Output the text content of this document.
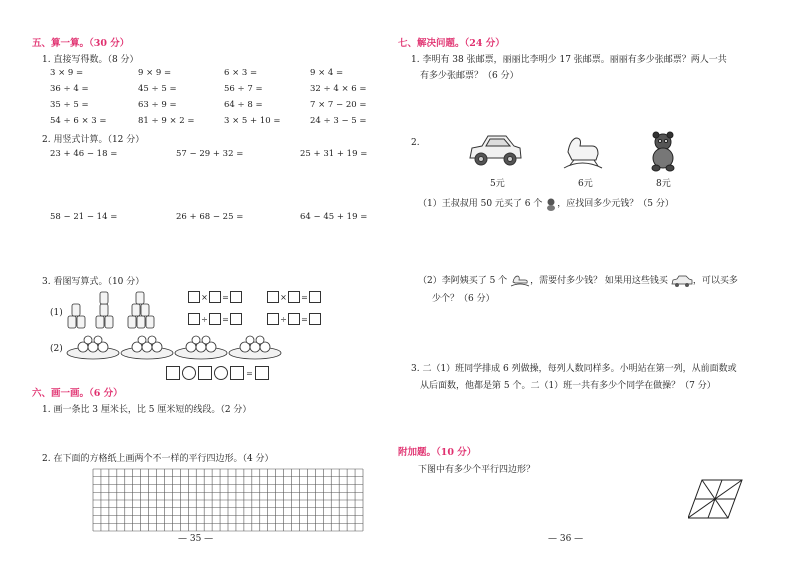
五、算一算。（30 分）
1. 直接写得数。（8 分）
3 × 9 =	9 × 9 =	6 × 3 =	9 × 4 =
36 ÷ 4 =	45 ÷ 5 =	56 ÷ 7 =	32 ÷ 4 × 6 =
35 ÷ 5 =	63 ÷ 9 =	64 ÷ 8 =	7 × 7 − 20 =
54 ÷ 6 × 3 =	81 ÷ 9 × 2 =	3 × 5 + 10 =	24 ÷ 3 − 5 =
2. 用竖式计算。（12 分）
23 + 46 − 18 =	57 − 29 + 32 =	25 + 31 + 19 =
58 − 21 − 14 =	26 + 68 − 25 =	64 − 45 + 19 =
3. 看图写算式。（10 分）
(1)
(2)
× =	× =
÷ =	÷ =
=
六、画一画。（6 分）
1. 画一条比 3 厘米长，比 5 厘米短的线段。（2 分）
2. 在下面的方格纸上画两个不一样的平行四边形。（4 分）
— 35 —
七、解决问题。（24 分）
1. 李明有 38 张邮票，丽丽比李明少 17 张邮票。丽丽有多少张邮票？两人一共
有多少张邮票？（6 分）
2.
5元	6元	8元
（1）王叔叔用 50 元买了 6 个 ，应找回多少元钱？（5 分）
（2）李阿姨买了 5 个	，需要付多少钱？ 如果用这些钱买	，可以买多
少个？（6 分）
3. 二（1）班同学排成 6 列做操，每列人数同样多。小明站在第一列，从前面数或
从后面数，他都是第 5 个。二（1）班一共有多少个同学在做操？（7 分）
附加题。（10 分）
下图中有多少个平行四边形？
— 36 —
